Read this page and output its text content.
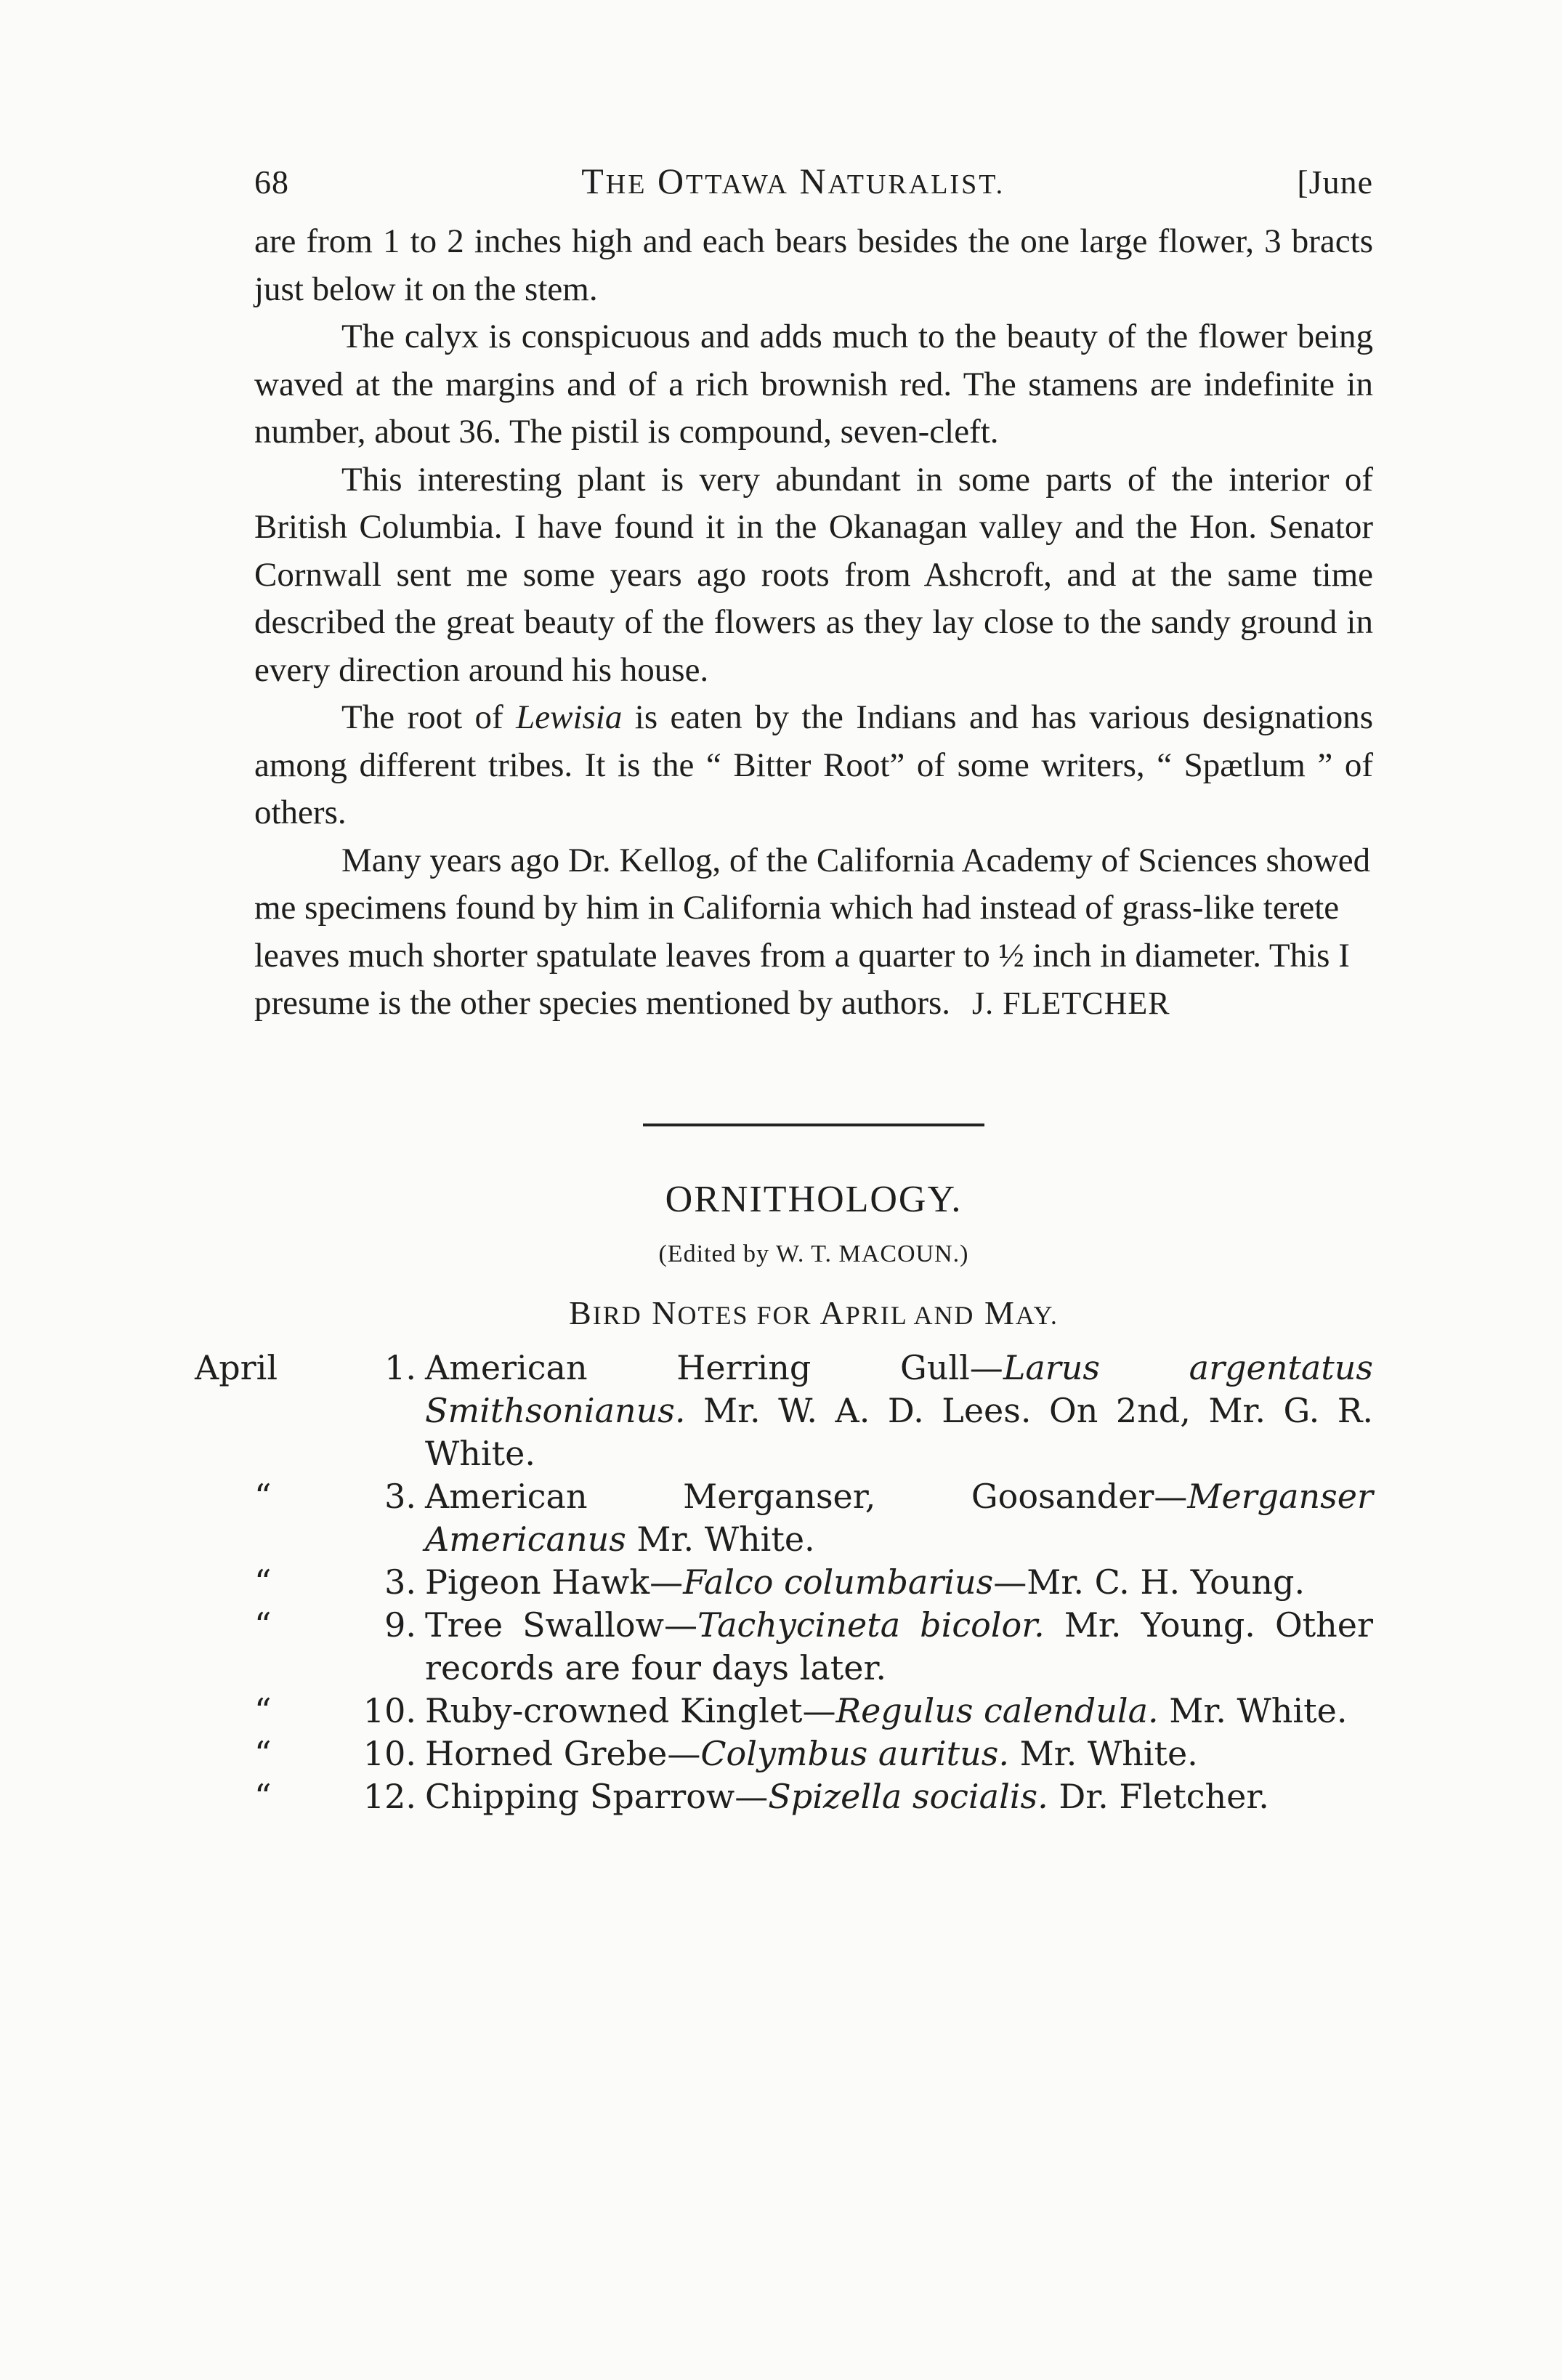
68	THE OTTAWA NATURALIST.	[June

are from 1 to 2 inches high and each bears besides the one large flower, 3 bracts just below it on the stem.

The calyx is conspicuous and adds much to the beauty of the flower being waved at the margins and of a rich brownish red. The stamens are indefinite in number, about 36. The pistil is compound, seven-cleft.

This interesting plant is very abundant in some parts of the interior of British Columbia. I have found it in the Okanagan valley and the Hon. Senator Cornwall sent me some years ago roots from Ashcroft, and at the same time described the great beauty of the flowers as they lay close to the sandy ground in every direction around his house.

The root of Lewisia is eaten by the Indians and has various designations among different tribes. It is the “ Bitter Root” of some writers, “ Spætlum ” of others.

Many years ago Dr. Kellog, of the California Academy of Sciences showed me specimens found by him in California which had instead of grass-like terete leaves much shorter spatulate leaves from a quarter to ½ inch in diameter. This I presume is the other species mentioned by authors. J. FLETCHER

ORNITHOLOGY.
(Edited by W. T. MACOUN.)
BIRD NOTES FOR APRIL AND MAY.
April	1. American Herring Gull—Larus argentatus Smithsonianus. Mr. W. A. D. Lees. On 2nd, Mr. G. R. White.
“	3. American Merganser, Goosander—Merganser Americanus Mr. White.
“	3. Pigeon Hawk—Falco columbarius—Mr. C. H. Young.
“	9. Tree Swallow—Tachycineta bicolor. Mr. Young. Other records are four days later.
“	10. Ruby-crowned Kinglet—Regulus calendula. Mr. White.
“	10. Horned Grebe—Colymbus auritus. Mr. White.
“	12. Chipping Sparrow—Spizella socialis. Dr. Fletcher.
